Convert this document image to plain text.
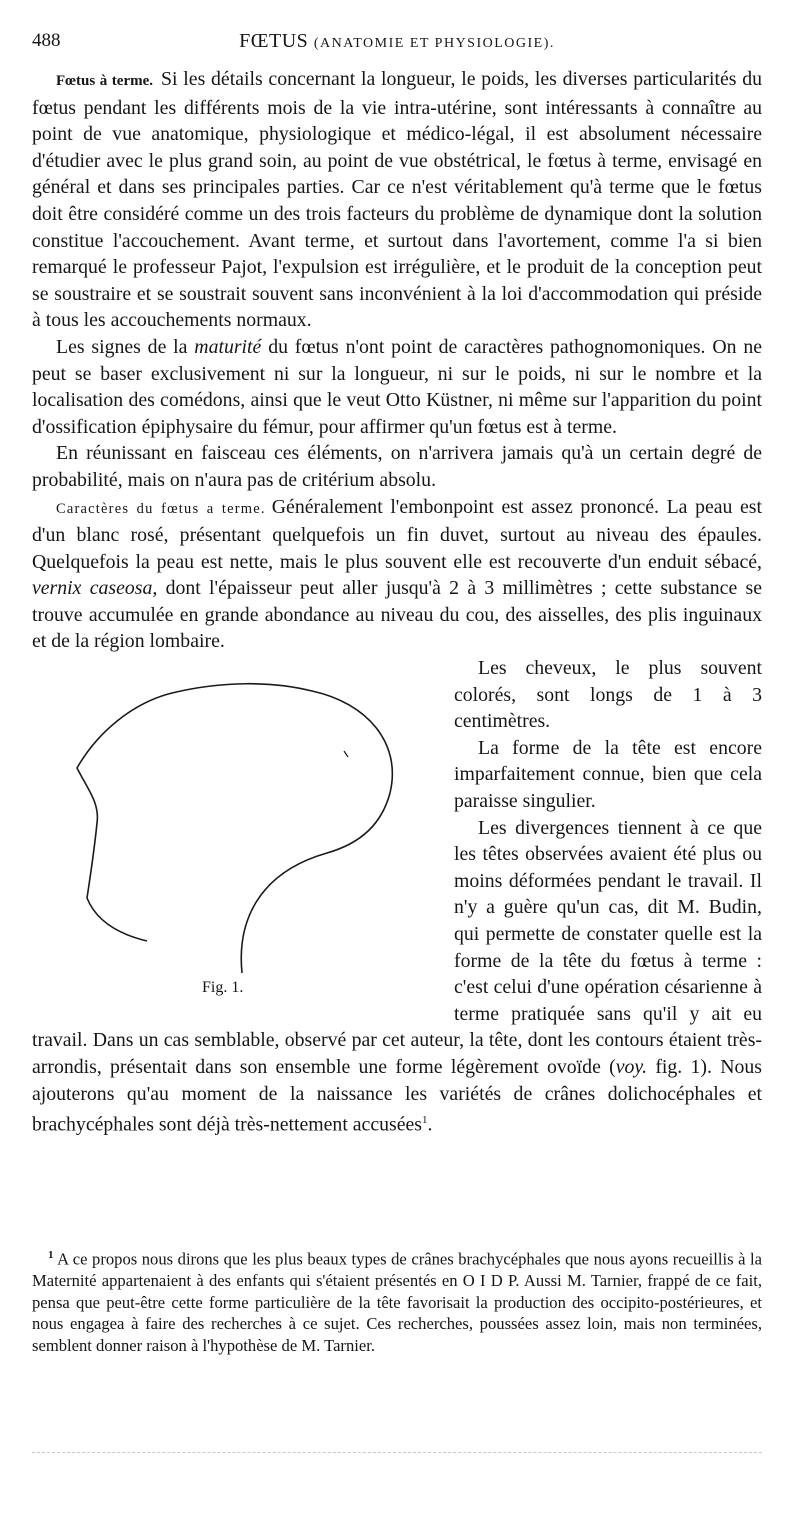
488	FŒTUS (ANATOMIE ET PHYSIOLOGIE).

Fœtus à terme. Si les détails concernant la longueur, le poids, les diverses particularités du fœtus pendant les différents mois de la vie intra-utérine, sont intéressants à connaître au point de vue anatomique, physiologique et médico-légal, il est absolument nécessaire d'étudier avec le plus grand soin, au point de vue obstétrical, le fœtus à terme, envisagé en général et dans ses principales parties. Car ce n'est véritablement qu'à terme que le fœtus doit être considéré comme un des trois facteurs du problème de dynamique dont la solution constitue l'accouchement. Avant terme, et surtout dans l'avortement, comme l'a si bien remarqué le professeur Pajot, l'expulsion est irrégulière, et le produit de la conception peut se soustraire et se soustrait souvent sans inconvénient à la loi d'accommodation qui préside à tous les accouchements normaux.

Les signes de la maturité du fœtus n'ont point de caractères pathognomoniques. On ne peut se baser exclusivement ni sur la longueur, ni sur le poids, ni sur le nombre et la localisation des comédons, ainsi que le veut Otto Küstner, ni même sur l'apparition du point d'ossification épiphysaire du fémur, pour affirmer qu'un fœtus est à terme.

En réunissant en faisceau ces éléments, on n'arrivera jamais qu'à un certain degré de probabilité, mais on n'aura pas de critérium absolu.

Caractères du fœtus a terme. Généralement l'embonpoint est assez prononcé. La peau est d'un blanc rosé, présentant quelquefois un fin duvet, surtout au niveau des épaules. Quelquefois la peau est nette, mais le plus souvent elle est recouverte d'un enduit sébacé, vernix caseosa, dont l'épaisseur peut aller jusqu'à 2 à 3 millimètres ; cette substance se trouve accumulée en grande abondance au niveau du cou, des aisselles, des plis inguinaux et de la région lombaire.

Fig. 1.

Les cheveux, le plus souvent colorés, sont longs de 1 à 3 centimètres.

La forme de la tête est encore imparfaitement connue, bien que cela paraisse singulier.

Les divergences tiennent à ce que les têtes observées avaient été plus ou moins déformées pendant le travail. Il n'y a guère qu'un cas, dit M. Budin, qui permette de constater quelle est la forme de la tête du fœtus à terme : c'est celui d'une opération césarienne à terme pratiquée sans qu'il y ait eu travail. Dans un cas semblable, observé par cet auteur, la tête, dont les contours étaient très-arrondis, présentait dans son ensemble une forme légèrement ovoïde (voy. fig. 1). Nous ajouterons qu'au moment de la naissance les variétés de crânes dolichocéphales et brachycéphales sont déjà très-nettement accusées$^1$.

$^1$ A ce propos nous dirons que les plus beaux types de crânes brachycéphales que nous ayons recueillis à la Maternité appartenaient à des enfants qui s'étaient présentés en O I D P. Aussi M. Tarnier, frappé de ce fait, pensa que peut-être cette forme particulière de la tête favorisait la production des occipito-postérieures, et nous engagea à faire des recherches à ce sujet. Ces recherches, poussées assez loin, mais non terminées, semblent donner raison à l'hypothèse de M. Tarnier.
